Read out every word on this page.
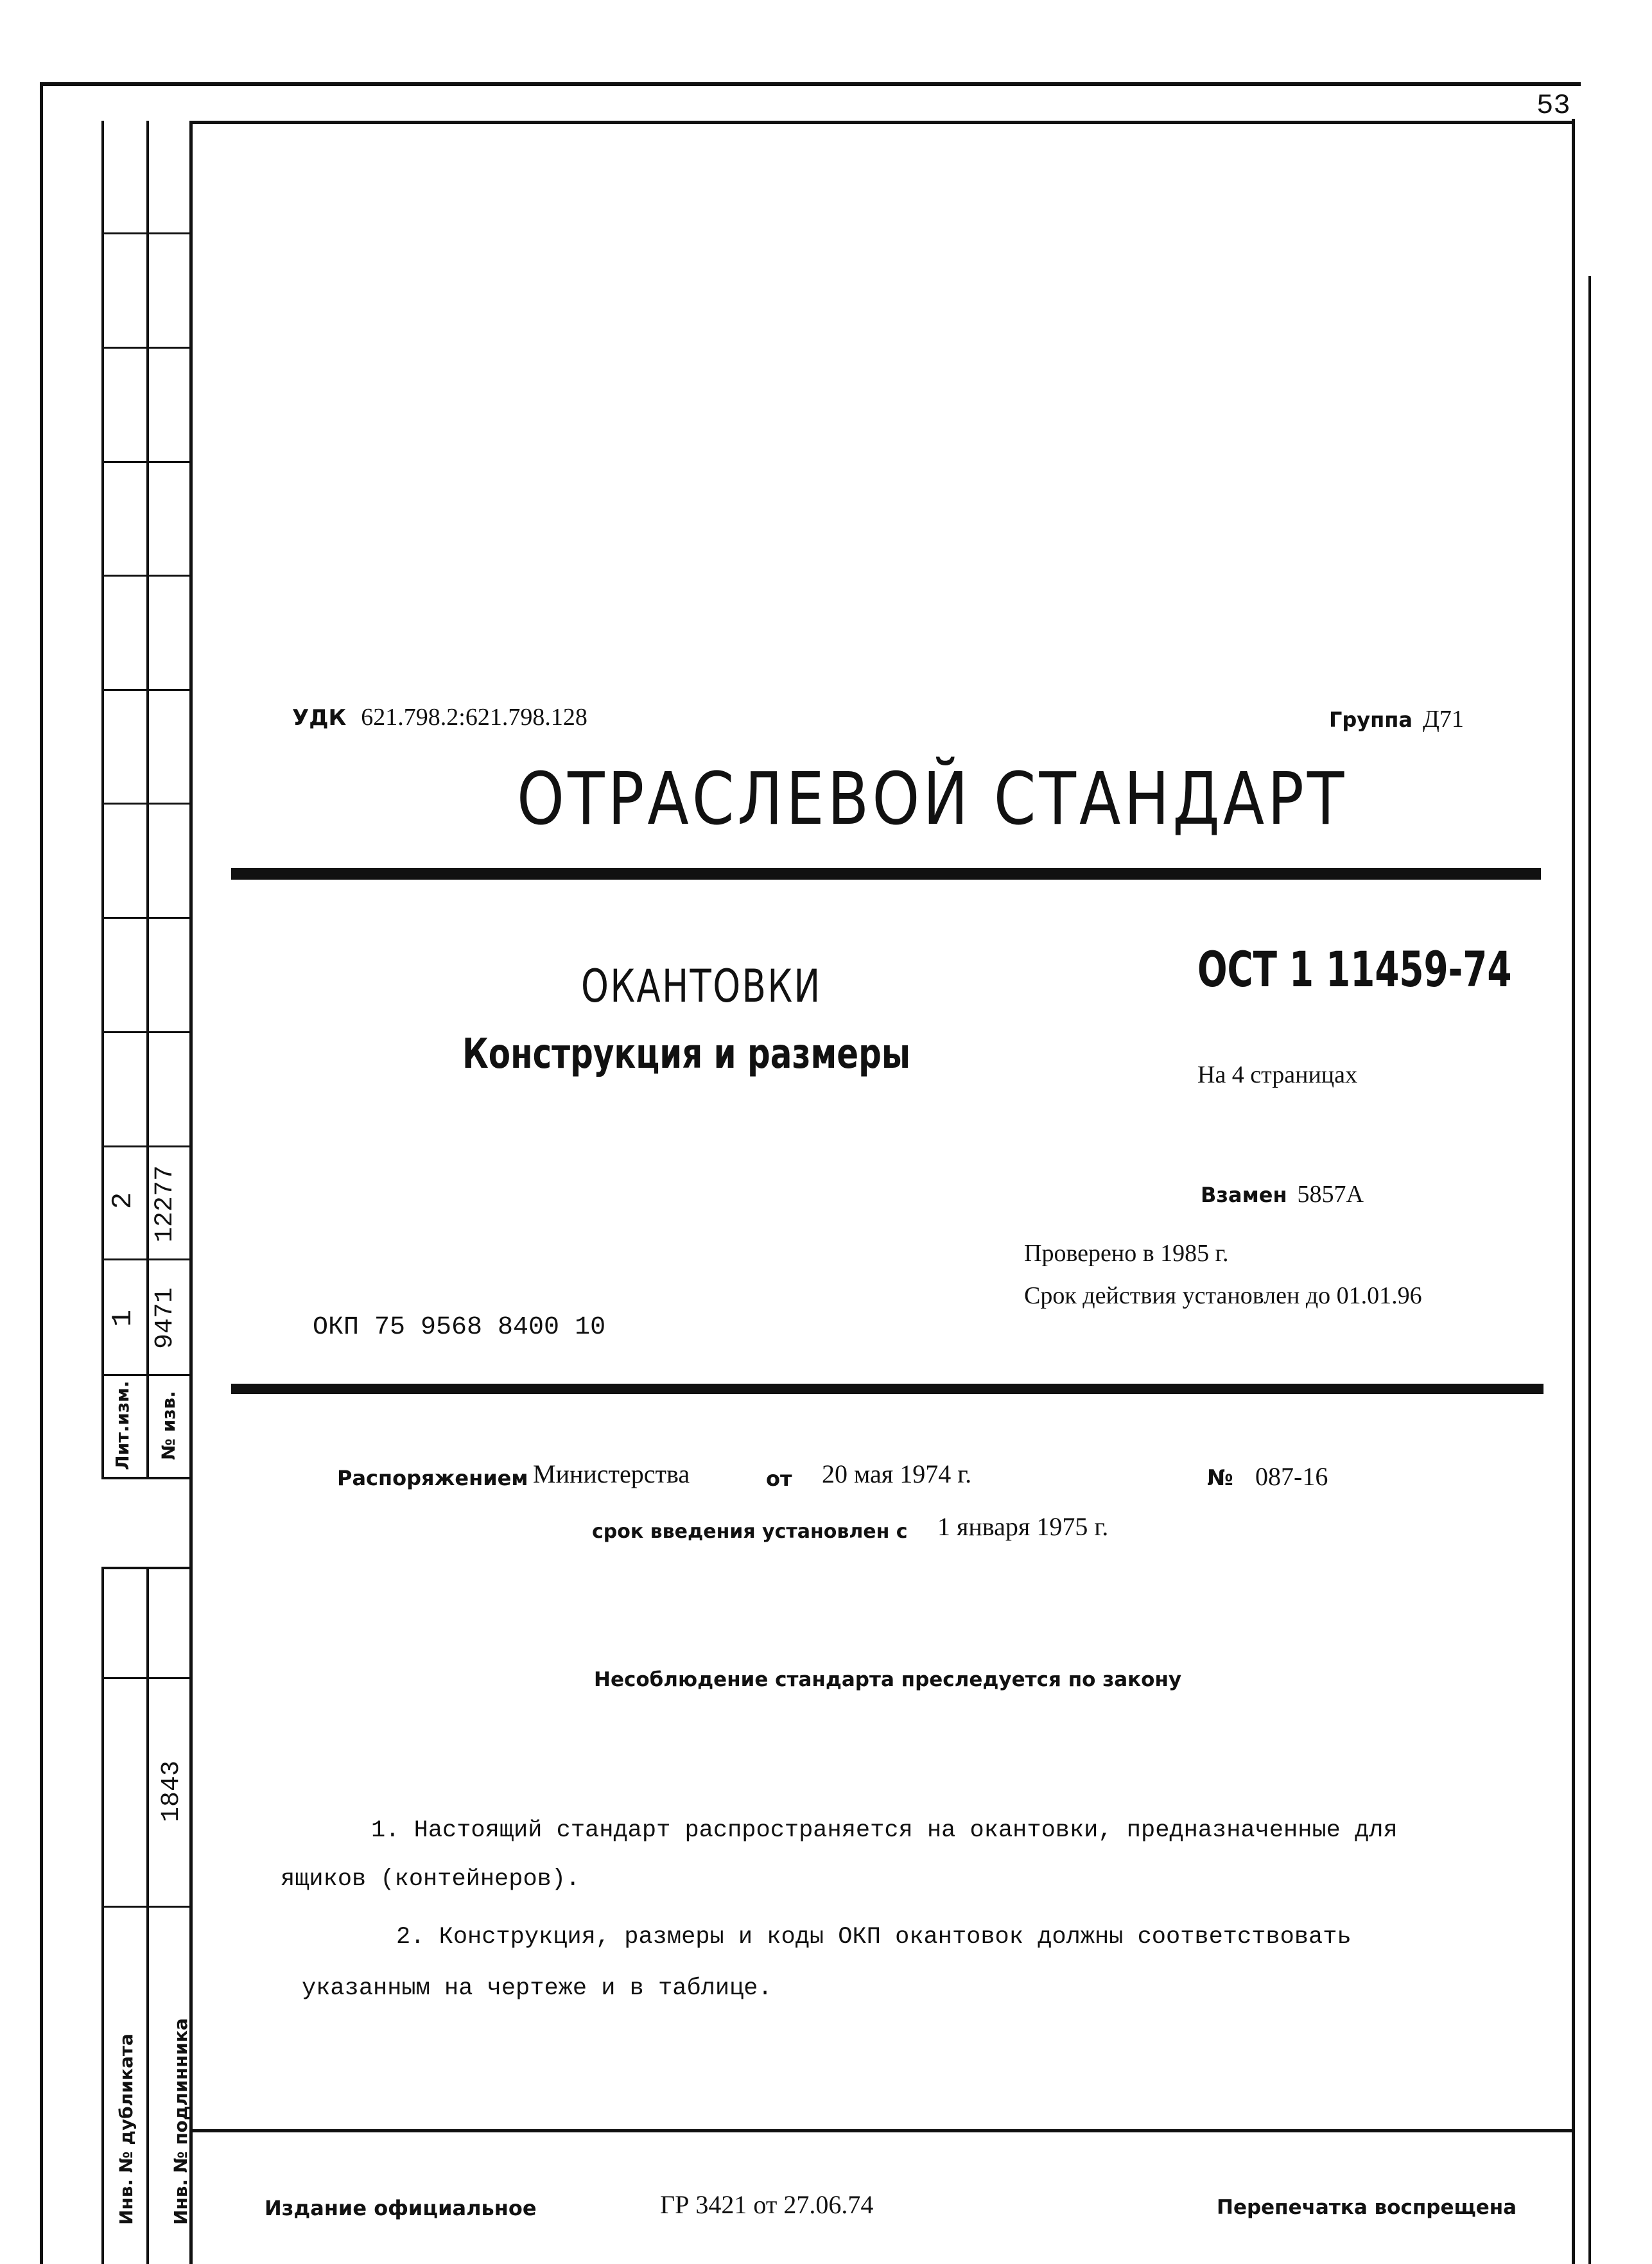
53
2 12277
1 9471
Лит.изм. № изв.
1843
Инв. № дубликата Инв. № подлинника
УДК 621.798.2:621.798.128	Группа Д71
ОТРАСЛЕВОЙ СТАНДАРТ
ОКАНТОВКИ
Конструкция и размеры
ОСТ 1 11459-74
На 4 страницах
Взамен 5857А
Проверено в 1985 г.
Срок действия установлен до 01.01.96
ОКП 75 9568 8400 10
Распоряжением Министерства	от 20 мая 1974 г.	№ 087-16
срок введения установлен с 1 января 1975 г.
Несоблюдение стандарта преследуется по закону
1. Настоящий стандарт распространяется на окантовки, предназначенные для
ящиков (контейнеров).
2. Конструкция, размеры и коды ОКП окантовок должны соответствовать
указанным на чертеже и в таблице.
Издание официальное	ГР 3421 от 27.06.74	Перепечатка воспрещена
